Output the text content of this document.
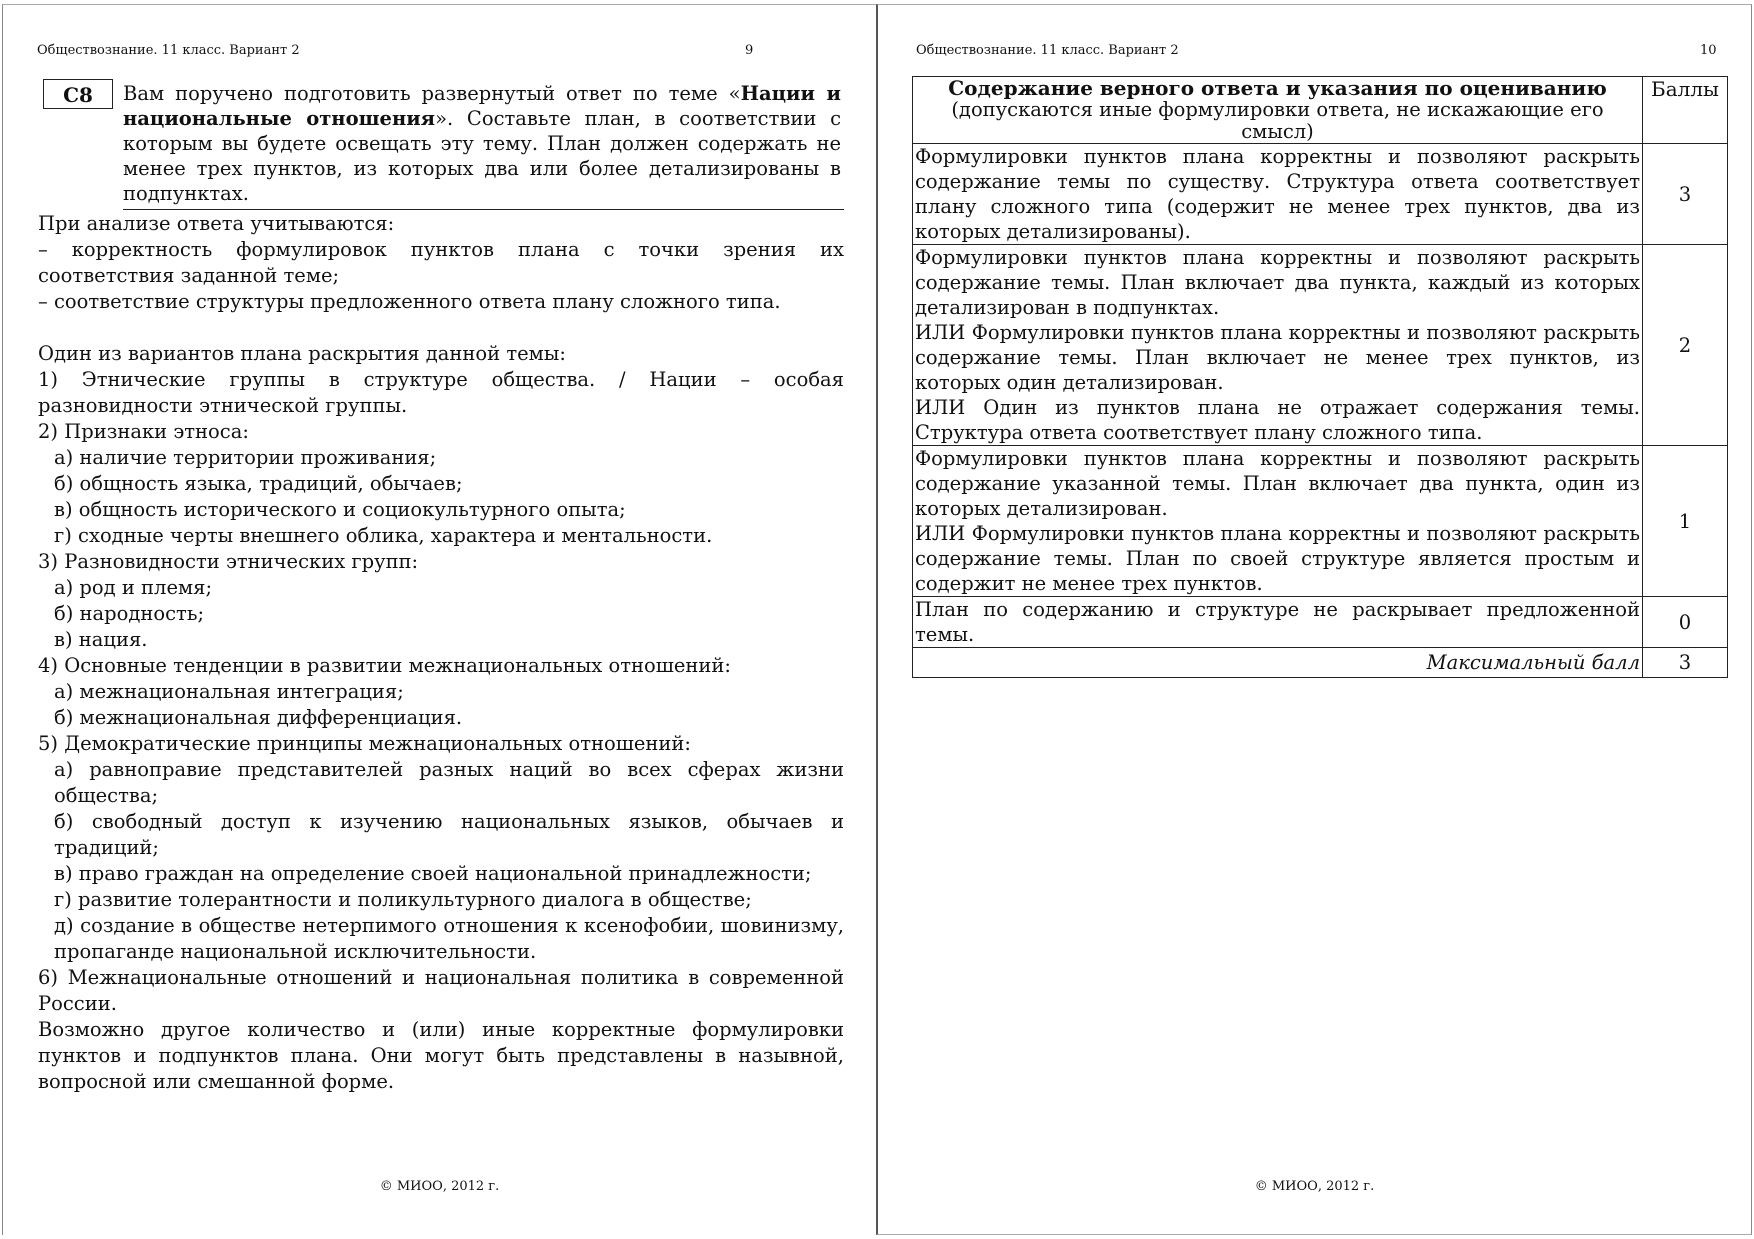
Обществознание. 11 класс. Вариант 2	9
С8	Вам поручено подготовить развернутый ответ по теме «Нации и национальные отношения». Составьте план, в соответствии с которым вы будете освещать эту тему. План должен содержать не менее трех пунктов, из которых два или более детализированы в подпунктах.

При анализе ответа учитываются:

– корректность формулировок пунктов плана с точки зрения их соответствия заданной теме;

– соответствие структуры предложенного ответа плану сложного типа.

Один из вариантов плана раскрытия данной темы:

1) Этнические группы в структуре общества. / Нации – особая разновидности этнической группы.

2) Признаки этноса:

а) наличие территории проживания;

б) общность языка, традиций, обычаев;

в) общность исторического и социокультурного опыта;

г) сходные черты внешнего облика, характера и ментальности.

3) Разновидности этнических групп:

а) род и племя;

б) народность;

в) нация.

4) Основные тенденции в развитии межнациональных отношений:

а) межнациональная интеграция;

б) межнациональная дифференциация.

5) Демократические принципы межнациональных отношений:

а) равноправие представителей разных наций во всех сферах жизни общества;

б) свободный доступ к изучению национальных языков, обычаев и традиций;

в) право граждан на определение своей национальной принадлежности;

г) развитие толерантности и поликультурного диалога в обществе;

д) создание в обществе нетерпимого отношения к ксенофобии, шовинизму, пропаганде национальной исключительности.

6) Межнациональные отношений и национальная политика в современной России.

Возможно другое количество и (или) иные корректные формулировки пунктов и подпунктов плана. Они могут быть представлены в назывной, вопросной или смешанной форме.

© МИОО, 2012 г.
Обществознание. 11 класс. Вариант 2	10
Содержание верного ответа и указания по оцениванию
(допускаются иные формулировки ответа, не искажающие его смысл)	Баллы

Формулировки пунктов плана корректны и позволяют раскрыть содержание темы по существу. Структура ответа соответствует плану сложного типа (содержит не менее трех пунктов, два из которых детализированы).	3

Формулировки пунктов плана корректны и позволяют раскрыть содержание темы. План включает два пункта, каждый из которых детализирован в подпунктах.
ИЛИ Формулировки пунктов плана корректны и позволяют раскрыть содержание темы. План включает не менее трех пунктов, из которых один детализирован.
ИЛИ Один из пунктов плана не отражает содержания темы. Структура ответа соответствует плану сложного типа.	2

Формулировки пунктов плана корректны и позволяют раскрыть содержание указанной темы. План включает два пункта, один из которых детализирован.
ИЛИ Формулировки пунктов плана корректны и позволяют раскрыть содержание темы. План по своей структуре является простым и содержит не менее трех пунктов.	1

План по содержанию и структуре не раскрывает предложенной темы.	0
Максимальный балл	3
© МИОО, 2012 г.
